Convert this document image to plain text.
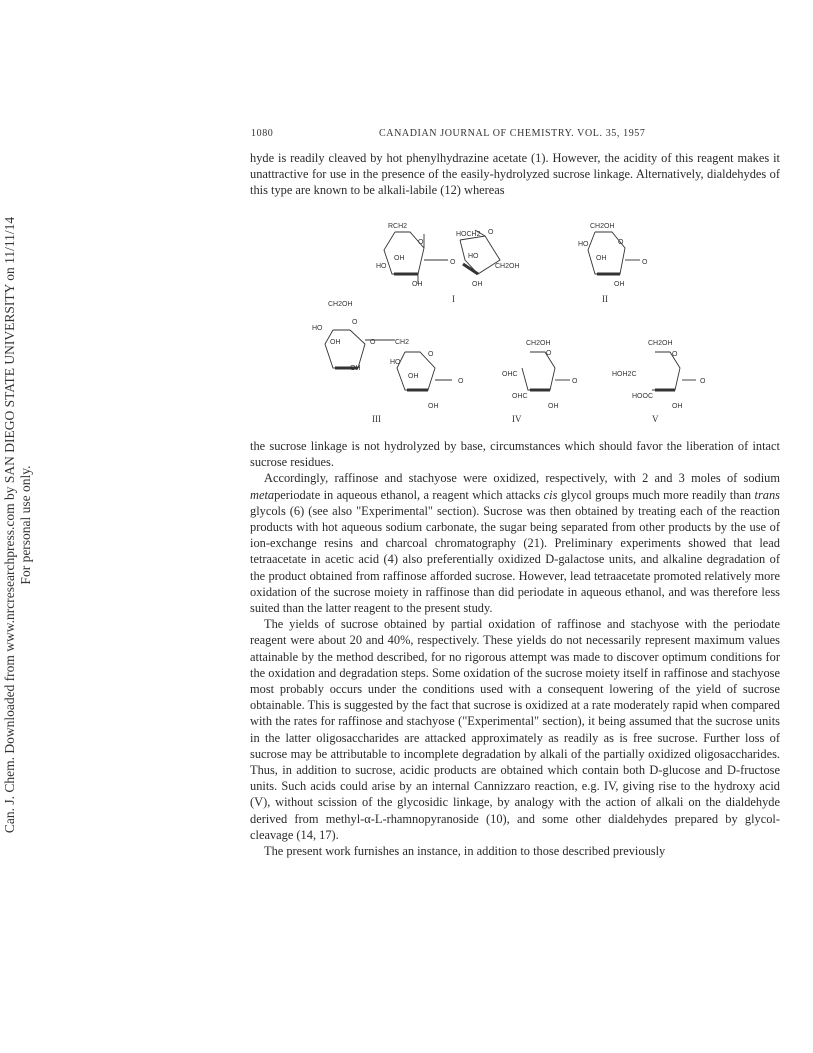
Can. J. Chem. Downloaded from www.nrcresearchpress.com by SAN DIEGO STATE UNIVERSITY on 11/11/14 For personal use only.
1080	CANADIAN JOURNAL OF CHEMISTRY. VOL. 35, 1957

hyde is readily cleaved by hot phenylhydrazine acetate (1). However, the acidity of this reagent makes it unattractive for use in the presence of the easily-hydrolyzed sucrose linkage. Alternatively, dialdehydes of this type are known to be alkali-labile (12) whereas

RCH2
O
OH
HO
OH
O
HOCH2 O
HO
CH2OH
OH
CH2OH
O
HO
OH
O
OH
CH2OH
O
HO
OH
OH
O	CH2
O
HO
OH
O
OH
CH2OH
O
OHC
OHC
O
OH
CH2OH
O
HOH2C
HOOC
O
OH
I	II
III	IV	V

the sucrose linkage is not hydrolyzed by base, circumstances which should favor the liberation of intact sucrose residues.

Accordingly, raffinose and stachyose were oxidized, respectively, with 2 and 3 moles of sodium metaperiodate in aqueous ethanol, a reagent which attacks cis glycol groups much more readily than trans glycols (6) (see also "Experimental" section). Sucrose was then obtained by treating each of the reaction products with hot aqueous sodium carbonate, the sugar being separated from other products by the use of ion-exchange resins and charcoal chromatography (21). Preliminary experiments showed that lead tetraacetate in acetic acid (4) also preferentially oxidized D-galactose units, and alkaline degradation of the product obtained from raffinose afforded sucrose. However, lead tetraacetate promoted relatively more oxidation of the sucrose moiety in raffinose than did periodate in aqueous ethanol, and was therefore less suited than the latter reagent to the present study.

The yields of sucrose obtained by partial oxidation of raffinose and stachyose with the periodate reagent were about 20 and 40%, respectively. These yields do not necessarily represent maximum values attainable by the method described, for no rigorous attempt was made to discover optimum conditions for the oxidation and degradation steps. Some oxidation of the sucrose moiety itself in raffinose and stachyose most probably occurs under the conditions used with a consequent lowering of the yield of sucrose obtainable. This is suggested by the fact that sucrose is oxidized at a rate moderately rapid when compared with the rates for raffinose and stachyose ("Experimental" section), it being assumed that the sucrose units in the latter oligosaccharides are attacked approximately as readily as is free sucrose. Further loss of sucrose may be attributable to incomplete degradation by alkali of the partially oxidized oligosaccharides. Thus, in addition to sucrose, acidic products are obtained which contain both D-glucose and D-fructose units. Such acids could arise by an internal Cannizzaro reaction, e.g. IV, giving rise to the hydroxy acid (V), without scission of the glycosidic linkage, by analogy with the action of alkali on the dialdehyde derived from methyl-α-L-rhamnopyranoside (10), and some other dialdehydes prepared by glycol-cleavage (14, 17).

The present work furnishes an instance, in addition to those described previously
